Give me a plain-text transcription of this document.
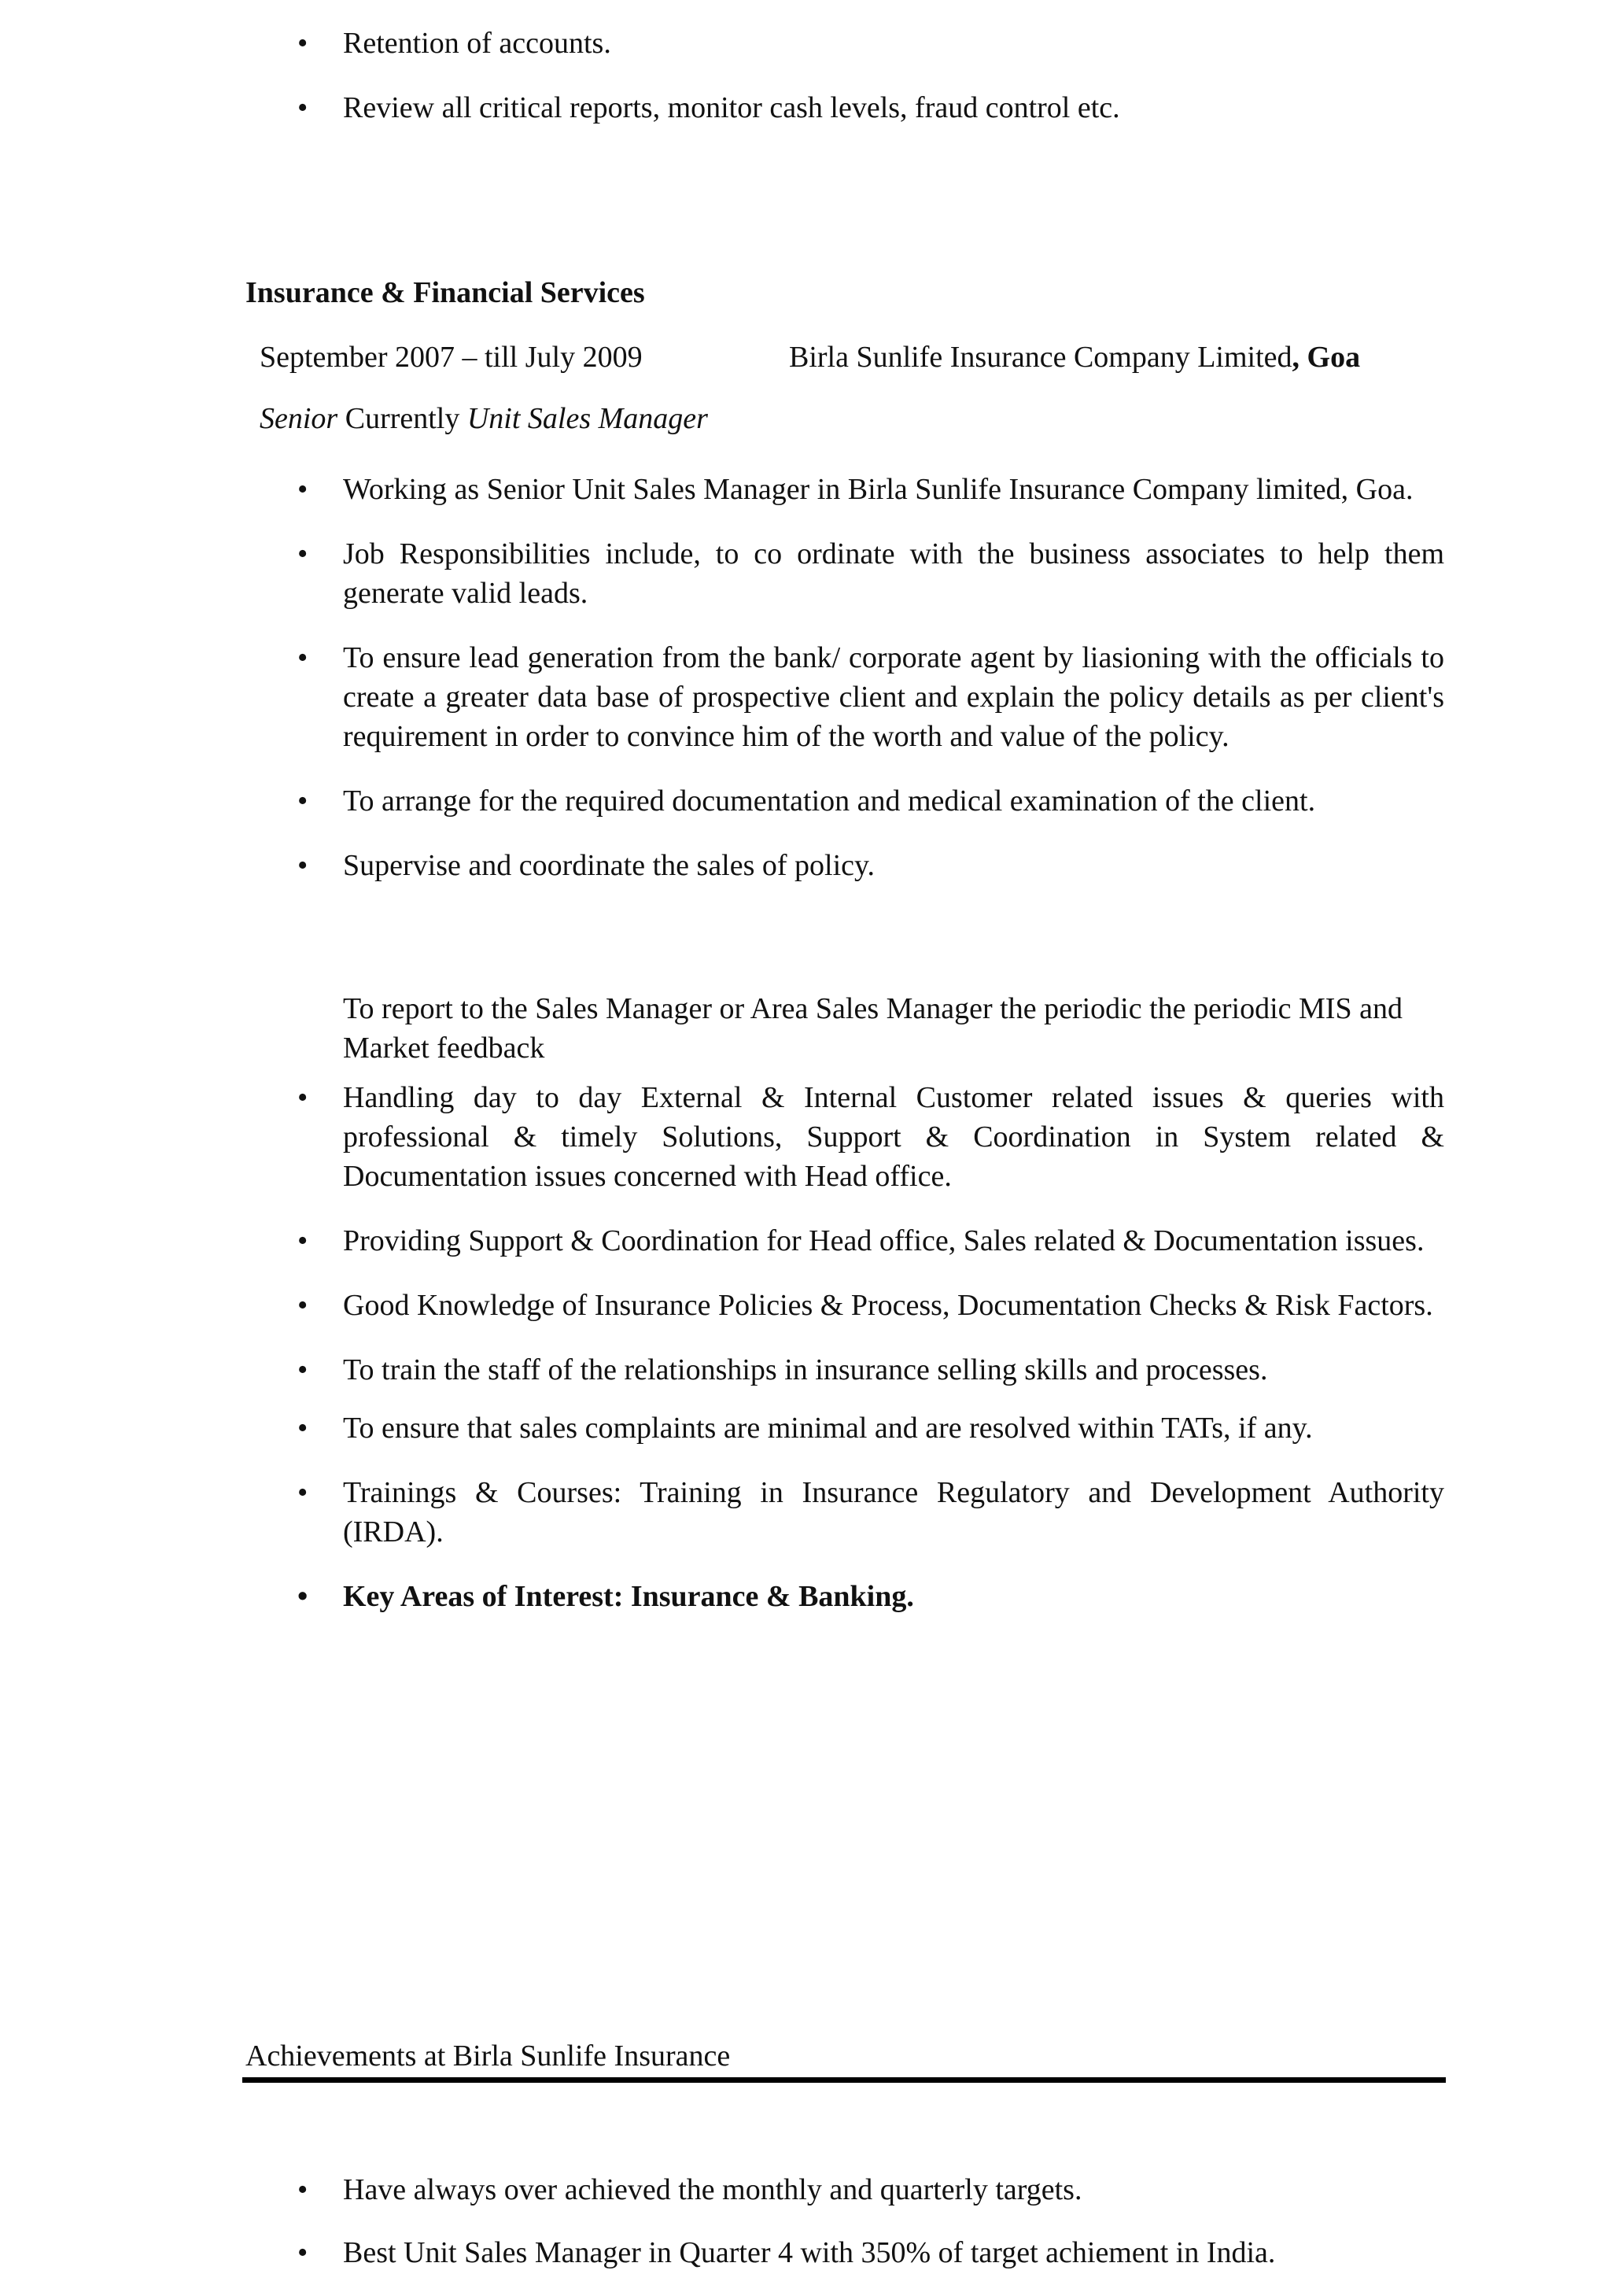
• Retention of accounts.
• Review all critical reports, monitor cash levels, fraud control etc.
Insurance & Financial Services
September 2007 – till July 2009	Birla Sunlife Insurance Company Limited, Goa
Senior Currently Unit Sales Manager
• Working as Senior Unit Sales Manager in Birla Sunlife Insurance Company limited, Goa.
• Job Responsibilities include, to co ordinate with the business associates to help them generate valid leads.
• To ensure lead generation from the bank/ corporate agent by liasioning with the officials to create a greater data base of prospective client and explain the policy details as per client's requirement in order to convince him of the worth and value of the policy.
• To arrange for the required documentation and medical examination of the client.
• Supervise and coordinate the sales of policy.
To report to the Sales Manager or Area Sales Manager the periodic the periodic MIS and Market feedback
• Handling day to day External & Internal Customer related issues & queries with professional & timely Solutions, Support & Coordination in System related & Documentation issues concerned with Head office.
• Providing Support & Coordination for Head office, Sales related & Documentation issues.
• Good Knowledge of Insurance Policies & Process, Documentation Checks & Risk Factors.
• To train the staff of the relationships in insurance selling skills and processes.
• To ensure that sales complaints are minimal and are resolved within TATs, if any.
• Trainings & Courses: Training in Insurance Regulatory and Development Authority (IRDA).
• Key Areas of Interest: Insurance & Banking.
Achievements at Birla Sunlife Insurance
• Have always over achieved the monthly and quarterly targets.
• Best Unit Sales Manager in Quarter 4 with 350% of target achiement in India.
